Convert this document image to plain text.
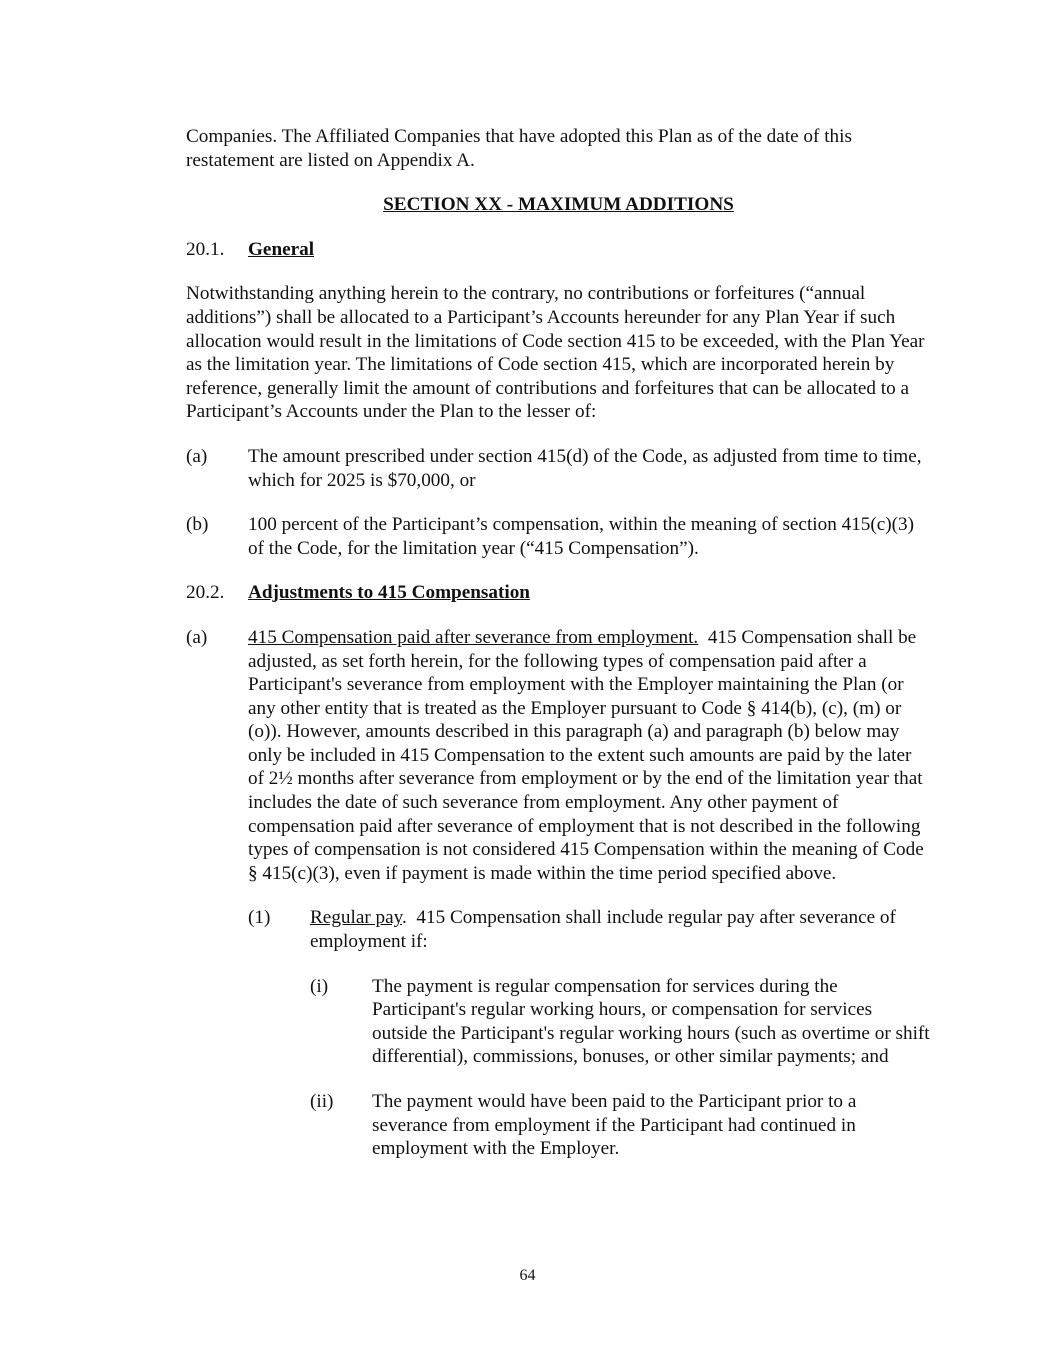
Companies. The Affiliated Companies that have adopted this Plan as of the date of this restatement are listed on Appendix A.

SECTION XX - MAXIMUM ADDITIONS

20.1.	General

Notwithstanding anything herein to the contrary, no contributions or forfeitures (“annual additions”) shall be allocated to a Participant’s Accounts hereunder for any Plan Year if such allocation would result in the limitations of Code section 415 to be exceeded, with the Plan Year as the limitation year. The limitations of Code section 415, which are incorporated herein by reference, generally limit the amount of contributions and forfeitures that can be allocated to a Participant’s Accounts under the Plan to the lesser of:

(a)	The amount prescribed under section 415(d) of the Code, as adjusted from time to time, which for 2025 is $70,000, or
(b)	100 percent of the Participant’s compensation, within the meaning of section 415(c)(3) of the Code, for the limitation year (“415 Compensation”).
20.2.	Adjustments to 415 Compensation
(a)	415 Compensation paid after severance from employment.  415 Compensation shall be adjusted, as set forth herein, for the following types of compensation paid after a Participant's severance from employment with the Employer maintaining the Plan (or any other entity that is treated as the Employer pursuant to Code § 414(b), (c), (m) or (o)). However, amounts described in this paragraph (a) and paragraph (b) below may only be included in 415 Compensation to the extent such amounts are paid by the later of 2½ months after severance from employment or by the end of the limitation year that includes the date of such severance from employment. Any other payment of compensation paid after severance of employment that is not described in the following types of compensation is not considered 415 Compensation within the meaning of Code § 415(c)(3), even if payment is made within the time period specified above.
(1)	Regular pay.  415 Compensation shall include regular pay after severance of employment if:
(i)	The payment is regular compensation for services during the Participant's regular working hours, or compensation for services outside the Participant's regular working hours (such as overtime or shift differential), commissions, bonuses, or other similar payments; and
(ii)	The payment would have been paid to the Participant prior to a severance from employment if the Participant had continued in employment with the Employer.
64
